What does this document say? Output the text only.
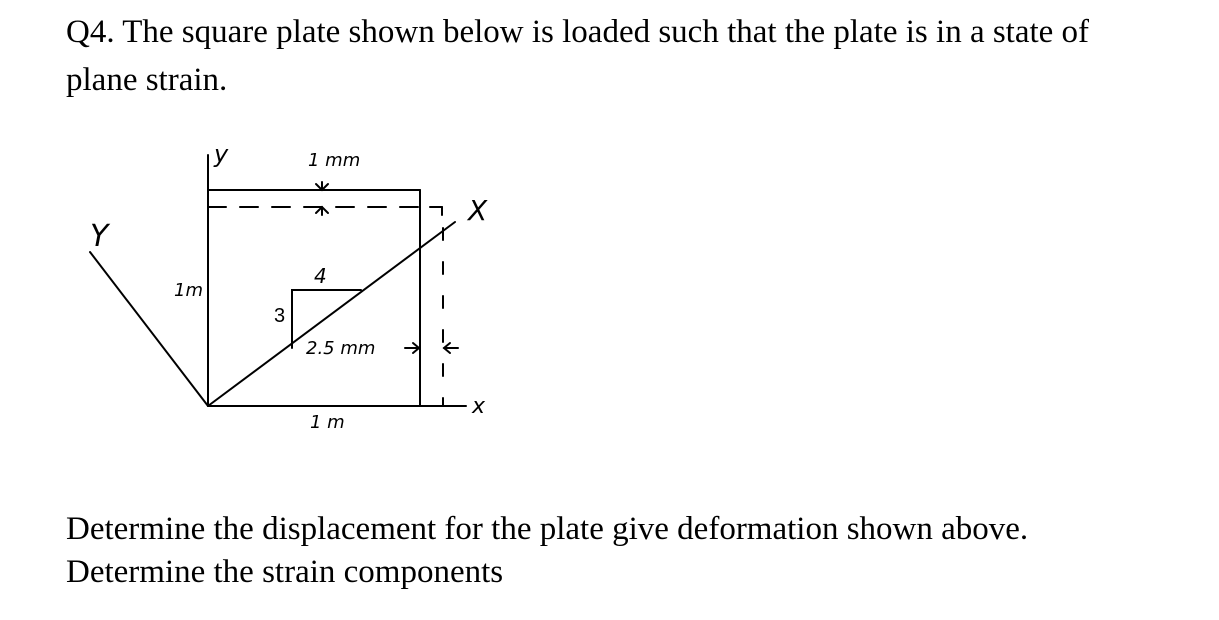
Q4. The square plate shown below is loaded such that the plate is in a state of
plane strain.

y
Y
X
x
1 mm
1m
1 m
4
3
2.5 mm
Determine the displacement for the plate give deformation shown above.
Determine the strain components
